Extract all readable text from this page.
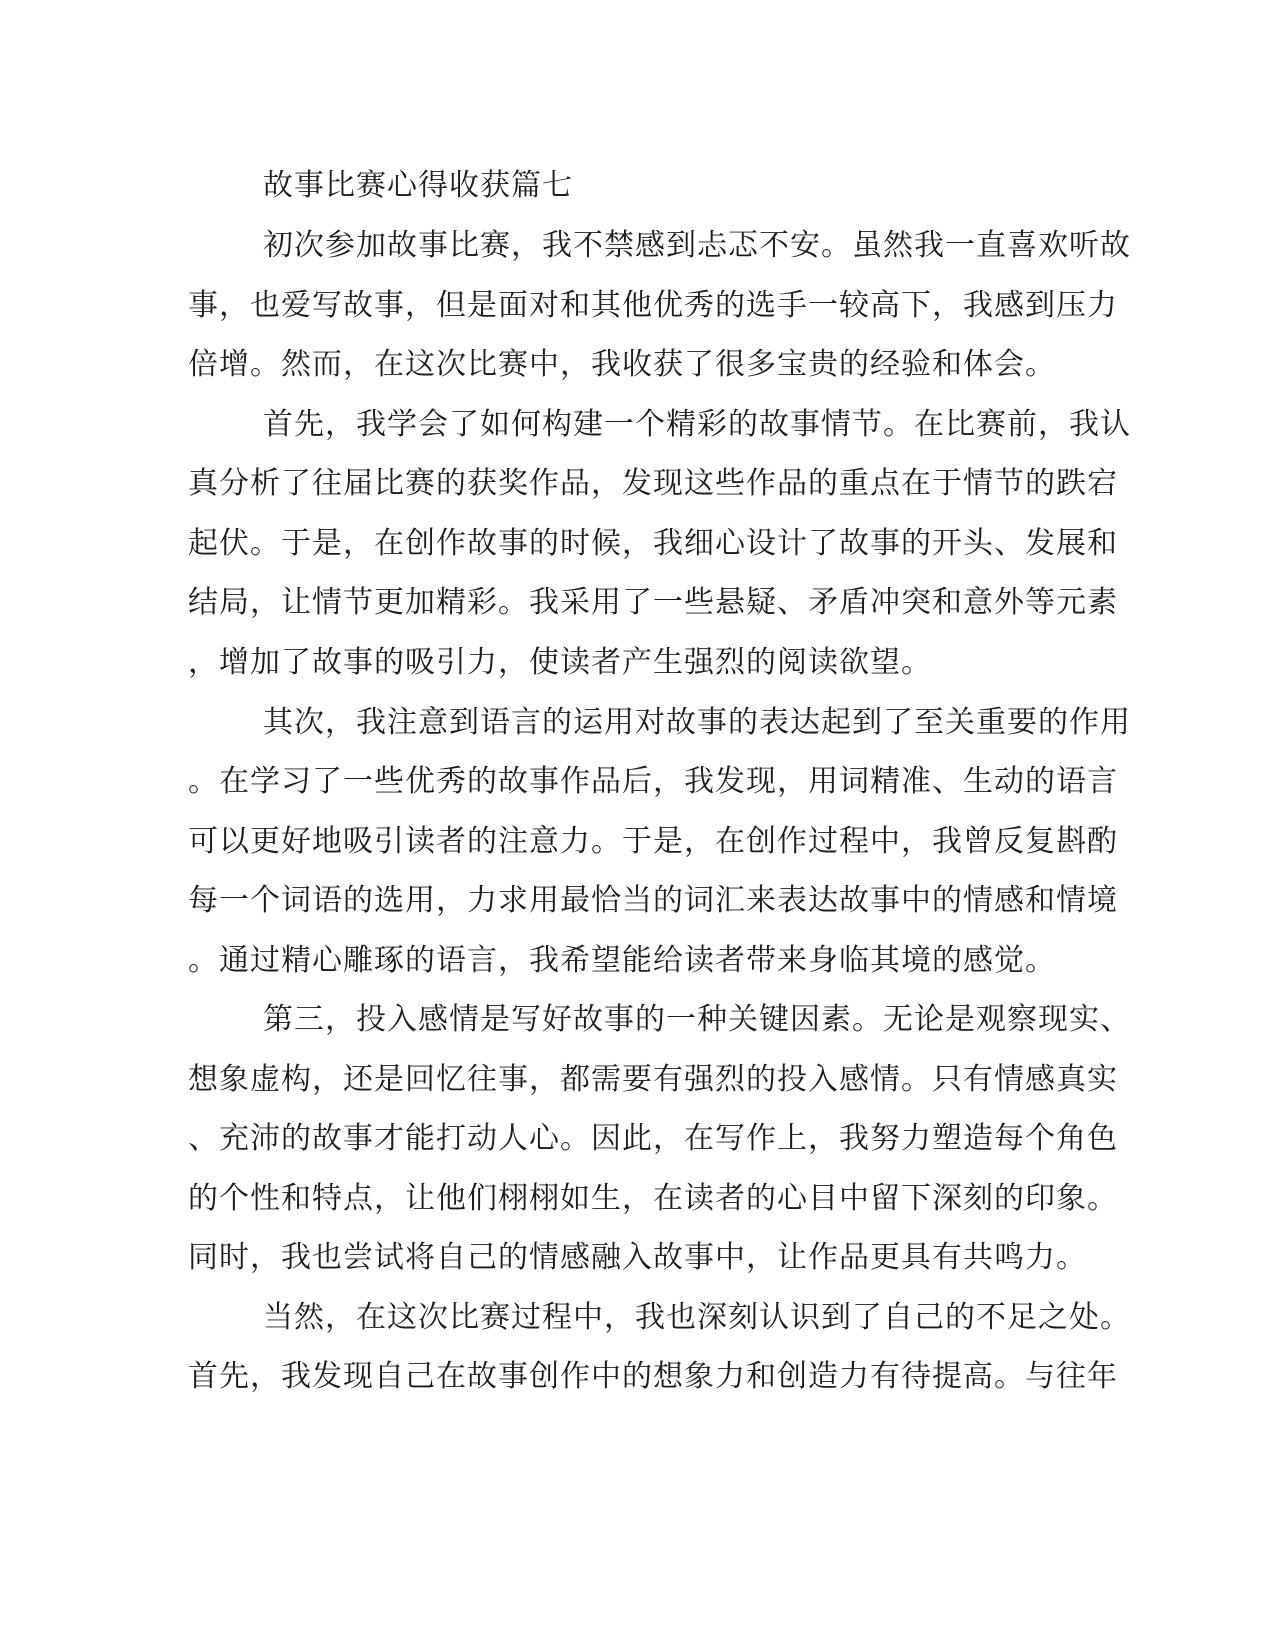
故事比赛心得收获篇七
初次参加故事比赛，我不禁感到忐忑不安。虽然我一直喜欢听故
事，也爱写故事，但是面对和其他优秀的选手一较高下，我感到压力
倍增。然而，在这次比赛中，我收获了很多宝贵的经验和体会。
首先，我学会了如何构建一个精彩的故事情节。在比赛前，我认
真分析了往届比赛的获奖作品，发现这些作品的重点在于情节的跌宕
起伏。于是，在创作故事的时候，我细心设计了故事的开头、发展和
结局，让情节更加精彩。我采用了一些悬疑、矛盾冲突和意外等元素
，增加了故事的吸引力，使读者产生强烈的阅读欲望。
其次，我注意到语言的运用对故事的表达起到了至关重要的作用
。在学习了一些优秀的故事作品后，我发现，用词精准、生动的语言
可以更好地吸引读者的注意力。于是，在创作过程中，我曾反复斟酌
每一个词语的选用，力求用最恰当的词汇来表达故事中的情感和情境
。通过精心雕琢的语言，我希望能给读者带来身临其境的感觉。
第三，投入感情是写好故事的一种关键因素。无论是观察现实、
想象虚构，还是回忆往事，都需要有强烈的投入感情。只有情感真实
、充沛的故事才能打动人心。因此，在写作上，我努力塑造每个角色
的个性和特点，让他们栩栩如生，在读者的心目中留下深刻的印象。
同时，我也尝试将自己的情感融入故事中，让作品更具有共鸣力。
当然，在这次比赛过程中，我也深刻认识到了自己的不足之处。
首先，我发现自己在故事创作中的想象力和创造力有待提高。与往年
